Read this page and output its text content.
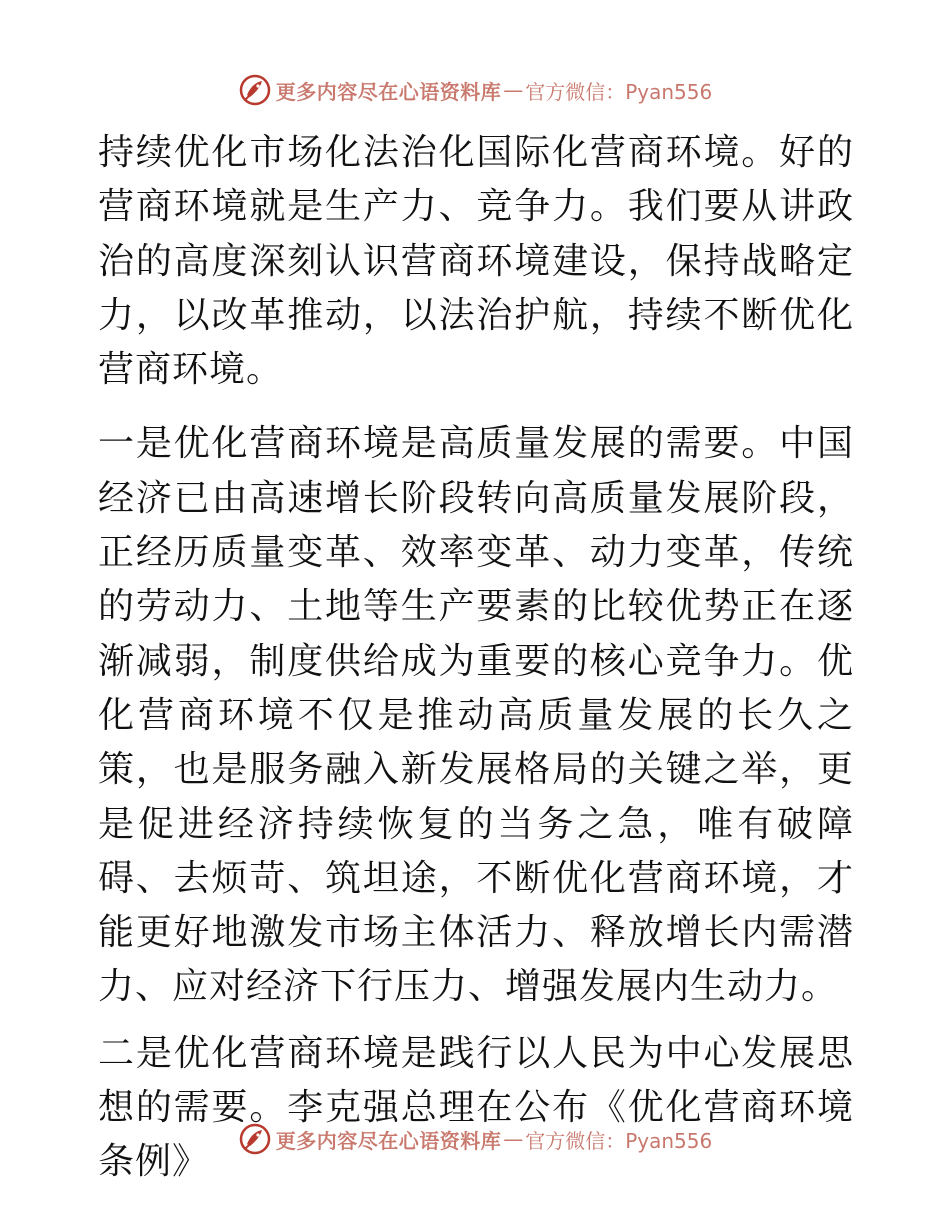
更多内容尽在心语资料库 — 官方微信：Pyan556

持续优化市场化法治化国际化营商环境。好的营商环境就是生产力、竞争力。我们要从讲政治的高度深刻认识营商环境建设，保持战略定力，以改革推动，以法治护航，持续不断优化营商环境。

一是优化营商环境是高质量发展的需要。中国经济已由高速增长阶段转向高质量发展阶段，正经历质量变革、效率变革、动力变革，传统的劳动力、土地等生产要素的比较优势正在逐渐减弱，制度供给成为重要的核心竞争力。优化营商环境不仅是推动高质量发展的长久之策，也是服务融入新发展格局的关键之举，更是促进经济持续恢复的当务之急，唯有破障碍、去烦苛、筑坦途，不断优化营商环境，才能更好地激发市场主体活力、释放增长内需潜力、应对经济下行压力、增强发展内生动力。

二是优化营商环境是践行以人民为中心发展思想的需要。李克强总理在公布《优化营商环境条例》

更多内容尽在心语资料库 — 官方微信：Pyan556
